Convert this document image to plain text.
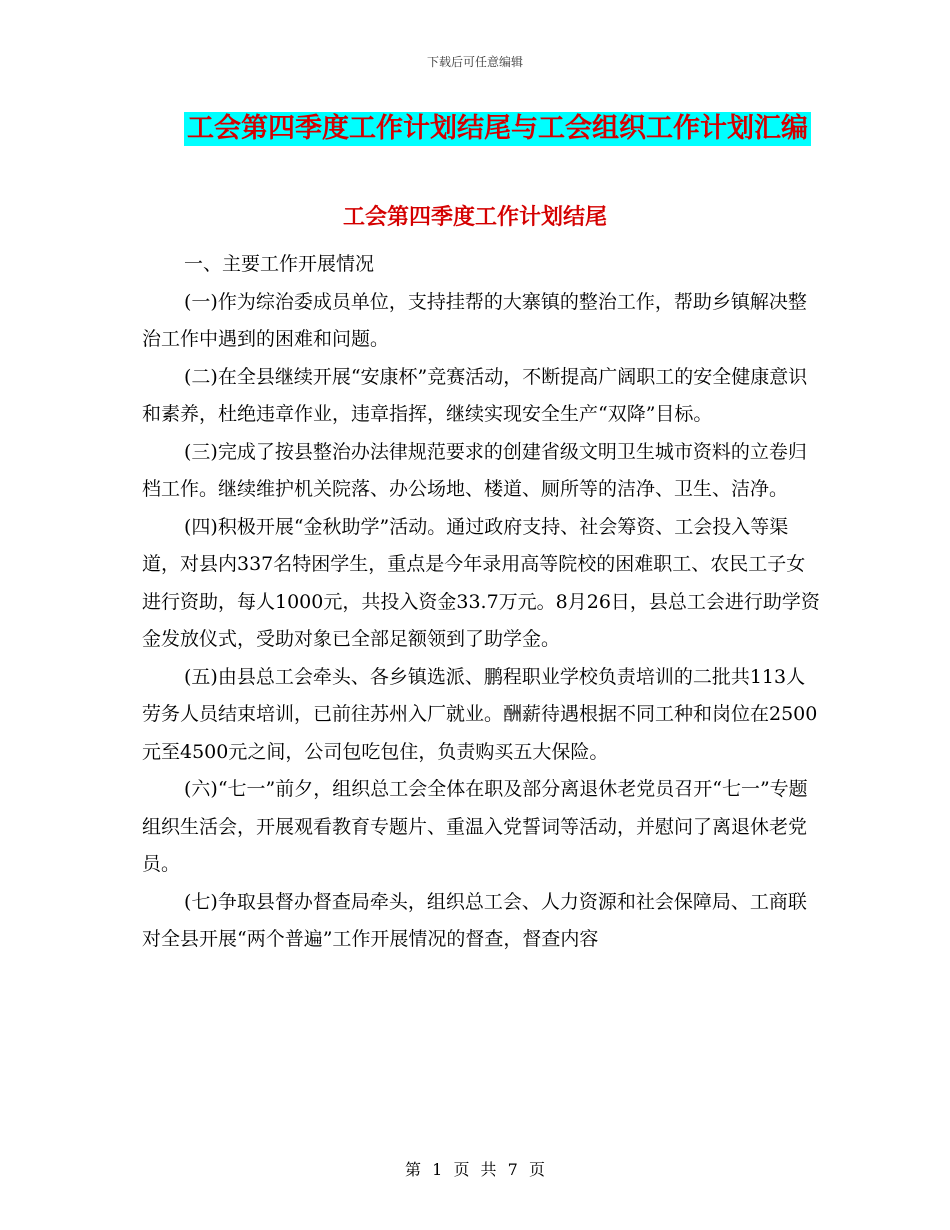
下载后可任意编辑
工会第四季度工作计划结尾与工会组织工作计划汇编
工会第四季度工作计划结尾

一、主要工作开展情况

(一)作为综治委成员单位，支持挂帮的大寨镇的整治工作，帮助乡镇解决整治工作中遇到的困难和问题。

(二)在全县继续开展“安康杯”竞赛活动，不断提高广阔职工的安全健康意识和素养，杜绝违章作业，违章指挥，继续实现安全生产“双降”目标。

(三)完成了按县整治办法律规范要求的创建省级文明卫生城市资料的立卷归档工作。继续维护机关院落、办公场地、楼道、厕所等的洁净、卫生、洁净。

(四)积极开展“金秋助学”活动。通过政府支持、社会筹资、工会投入等渠道，对县内337名特困学生，重点是今年录用高等院校的困难职工、农民工子女进行资助，每人1000元，共投入资金33.7万元。8月26日，县总工会进行助学资金发放仪式，受助对象已全部足额领到了助学金。

(五)由县总工会牵头、各乡镇选派、鹏程职业学校负责培训的二批共113人劳务人员结束培训，已前往苏州入厂就业。酬薪待遇根据不同工种和岗位在2500元至4500元之间，公司包吃包住，负责购买五大保险。

(六)“七一”前夕，组织总工会全体在职及部分离退休老党员召开“七一”专题组织生活会，开展观看教育专题片、重温入党誓词等活动，并慰问了离退休老党员。

(七)争取县督办督查局牵头，组织总工会、人力资源和社会保障局、工商联对全县开展“两个普遍”工作开展情况的督查，督查内容

第 1 页 共 7 页
